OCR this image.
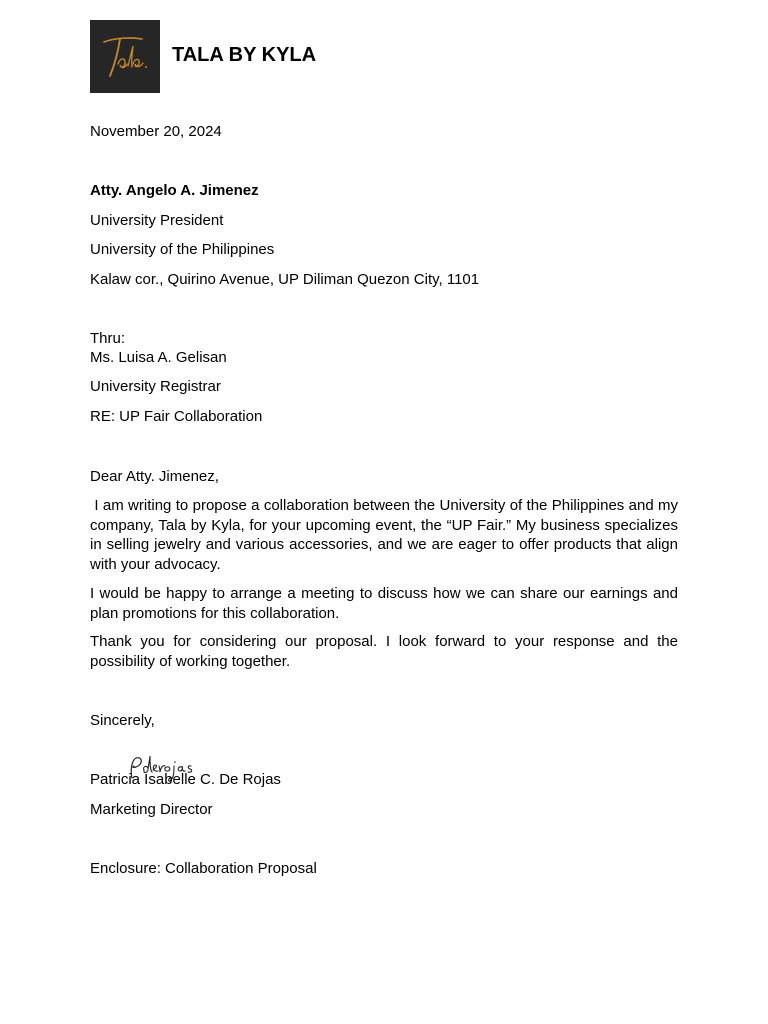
TALA BY KYLA
November 20, 2024
Atty. Angelo A. Jimenez
University President
University of the Philippines
Kalaw cor., Quirino Avenue, UP Diliman Quezon City, 1101
Thru:
Ms. Luisa A. Gelisan
University Registrar
RE: UP Fair Collaboration
Dear Atty. Jimenez,
I am writing to propose a collaboration between the University of the Philippines and my company, Tala by Kyla, for your upcoming event, the “UP Fair.” My business specializes in selling jewelry and various accessories, and we are eager to offer products that align with your advocacy.
I would be happy to arrange a meeting to discuss how we can share our earnings and plan promotions for this collaboration.
Thank you for considering our proposal. I look forward to your response and the possibility of working together.
Sincerely,
Patricia Isabelle C. De Rojas
Marketing Director
Enclosure: Collaboration Proposal
